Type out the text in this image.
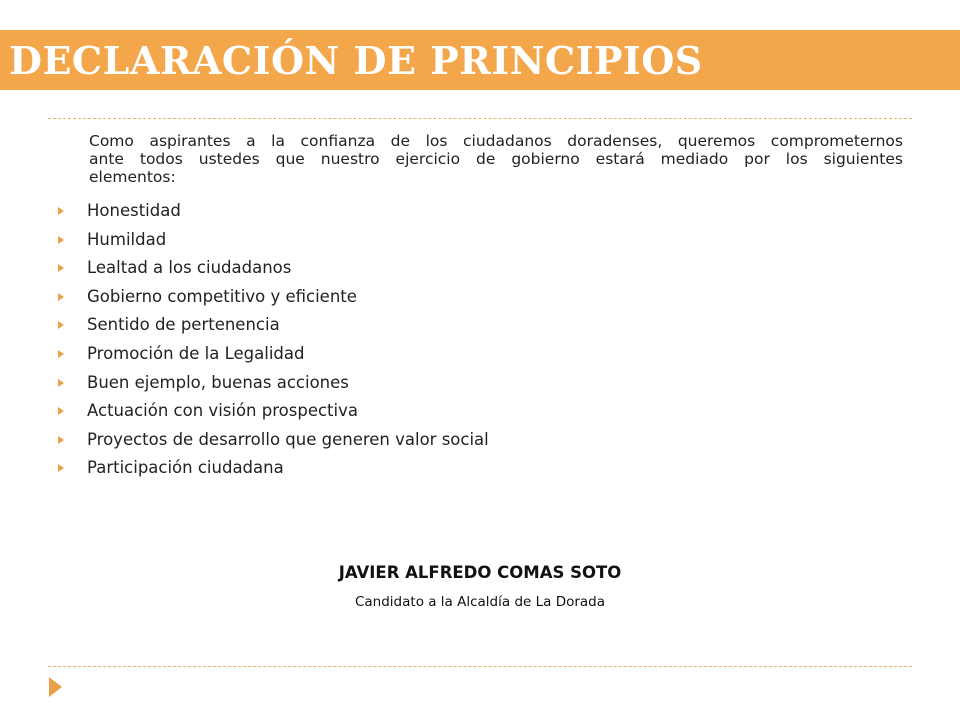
DECLARACIÓN DE PRINCIPIOS
Como aspirantes a la confianza de los ciudadanos doradenses, queremos comprometernos
ante todos ustedes que nuestro ejercicio de gobierno estará mediado por los siguientes
elementos:
Honestidad
Humildad
Lealtad a los ciudadanos
Gobierno competitivo y eficiente
Sentido de pertenencia
Promoción de la Legalidad
Buen ejemplo, buenas acciones
Actuación con visión prospectiva
Proyectos de desarrollo que generen valor social
Participación ciudadana
JAVIER ALFREDO COMAS SOTO
Candidato a la Alcaldía de La Dorada
